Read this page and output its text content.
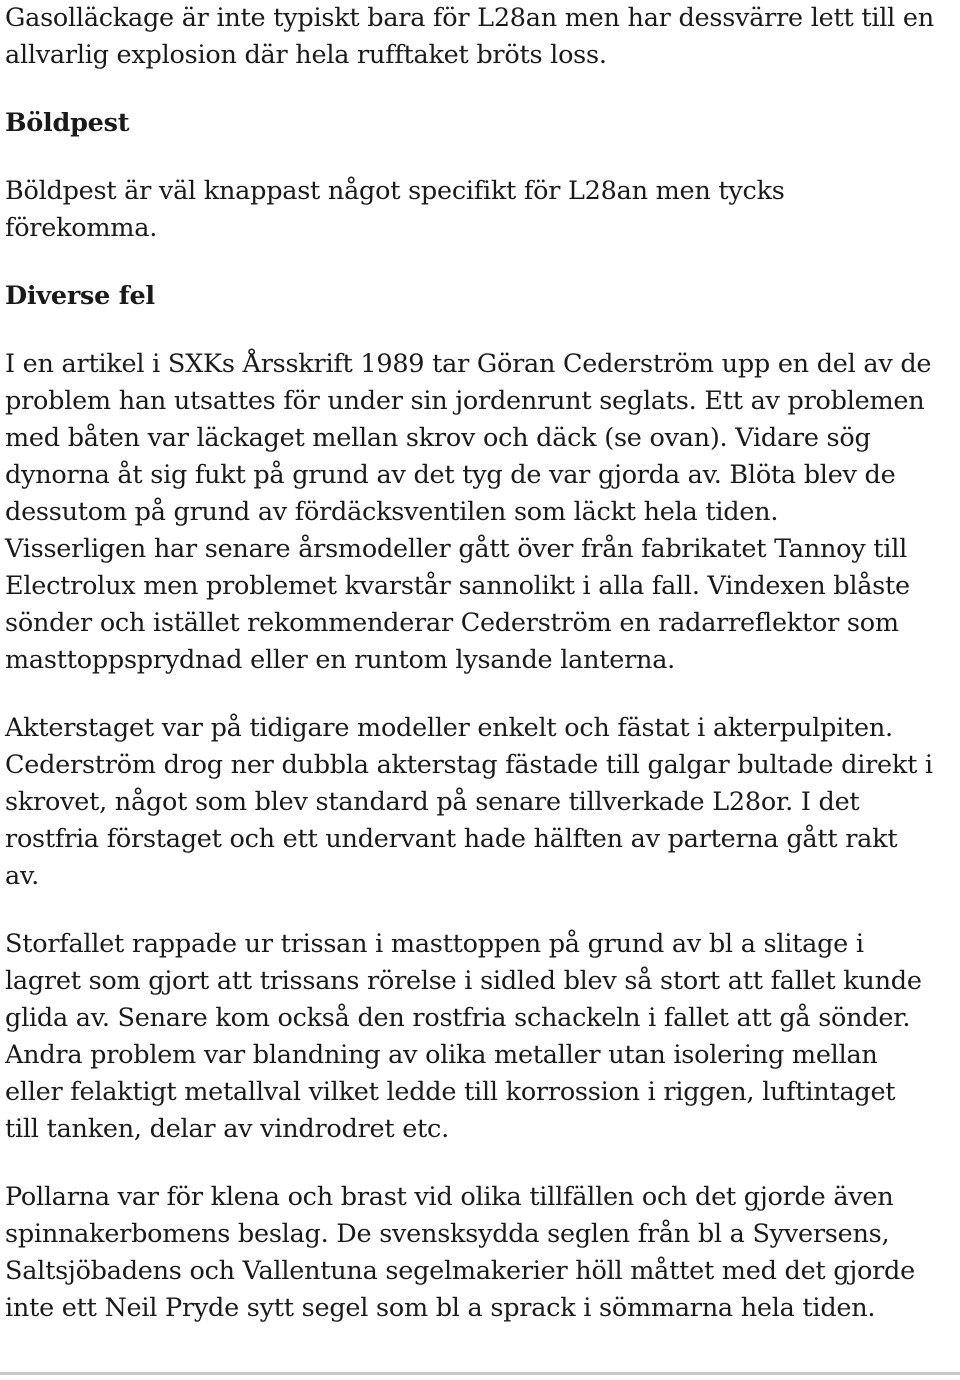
Gasolläckage är inte typiskt bara för L28an men har dessvärre lett till en
allvarlig explosion där hela rufftaket bröts loss.

Böldpest

Böldpest är väl knappast något specifikt för L28an men tycks
förekomma.

Diverse fel

I en artikel i SXKs Årsskrift 1989 tar Göran Cederström upp en del av de
problem han utsattes för under sin jordenrunt seglats. Ett av problemen
med båten var läckaget mellan skrov och däck (se ovan). Vidare sög
dynorna åt sig fukt på grund av det tyg de var gjorda av. Blöta blev de
dessutom på grund av fördäcksventilen som läckt hela tiden.
Visserligen har senare årsmodeller gått över från fabrikatet Tannoy till
Electrolux men problemet kvarstår sannolikt i alla fall. Vindexen blåste
sönder och istället rekommenderar Cederström en radarreflektor som
masttoppsprydnad eller en runtom lysande lanterna.

Akterstaget var på tidigare modeller enkelt och fästat i akterpulpiten.
Cederström drog ner dubbla akterstag fästade till galgar bultade direkt i
skrovet, något som blev standard på senare tillverkade L28or. I det
rostfria förstaget och ett undervant hade hälften av parterna gått rakt
av.

Storfallet rappade ur trissan i masttoppen på grund av bl a slitage i
lagret som gjort att trissans rörelse i sidled blev så stort att fallet kunde
glida av. Senare kom också den rostfria schackeln i fallet att gå sönder.
Andra problem var blandning av olika metaller utan isolering mellan
eller felaktigt metallval vilket ledde till korrossion i riggen, luftintaget
till tanken, delar av vindrodret etc.

Pollarna var för klena och brast vid olika tillfällen och det gjorde även
spinnakerbomens beslag. De svensksydda seglen från bl a Syversens,
Saltsjöbadens och Vallentuna segelmakerier höll måttet med det gjorde
inte ett Neil Pryde sytt segel som bl a sprack i sömmarna hela tiden.
